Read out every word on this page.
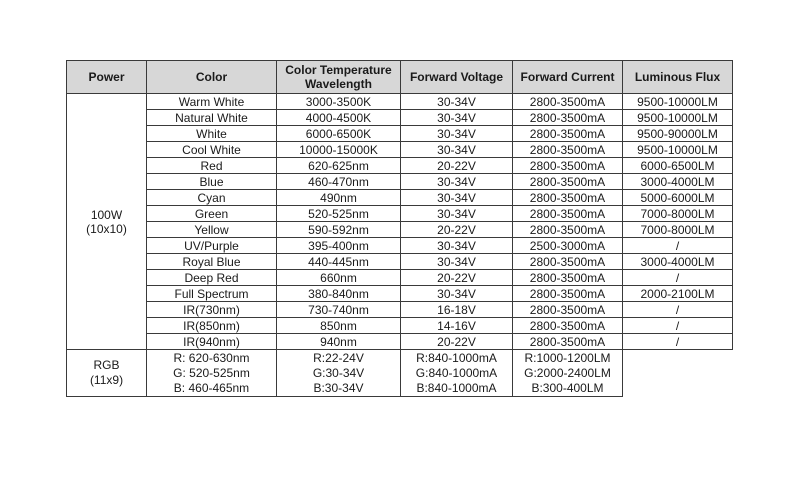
Power	Color	Color Temperature
Wavelength	Forward Voltage	Forward Current	Luminous Flux
100W
(10x10)	Warm White	3000-3500K	30-34V	2800-3500mA	9500-10000LM
	Natural White	4000-4500K	30-34V	2800-3500mA	9500-10000LM
	White	6000-6500K	30-34V	2800-3500mA	9500-90000LM
	Cool White	10000-15000K	30-34V	2800-3500mA	9500-10000LM
	Red	620-625nm	20-22V	2800-3500mA	6000-6500LM
	Blue	460-470nm	30-34V	2800-3500mA	3000-4000LM
	Cyan	490nm	30-34V	2800-3500mA	5000-6000LM
	Green	520-525nm	30-34V	2800-3500mA	7000-8000LM
	Yellow	590-592nm	20-22V	2800-3500mA	7000-8000LM
	UV/Purple	395-400nm	30-34V	2500-3000mA	/
	Royal Blue	440-445nm	30-34V	2800-3500mA	3000-4000LM
	Deep Red	660nm	20-22V	2800-3500mA	/
	Full Spectrum	380-840nm	30-34V	2800-3500mA	2000-2100LM
	IR(730nm)	730-740nm	16-18V	2800-3500mA	/
	IR(850nm)	850nm	14-16V	2800-3500mA	/
	IR(940nm)	940nm	20-22V	2800-3500mA	/

RGB
(11x9)	R: 620-630nm
G: 520-525nm
B: 460-465nm	R:22-24V
G:30-34V
B:30-34V	R:840-1000mA
G:840-1000mA
B:840-1000mA	R:1000-1200LM
G:2000-2400LM
B:300-400LM	
